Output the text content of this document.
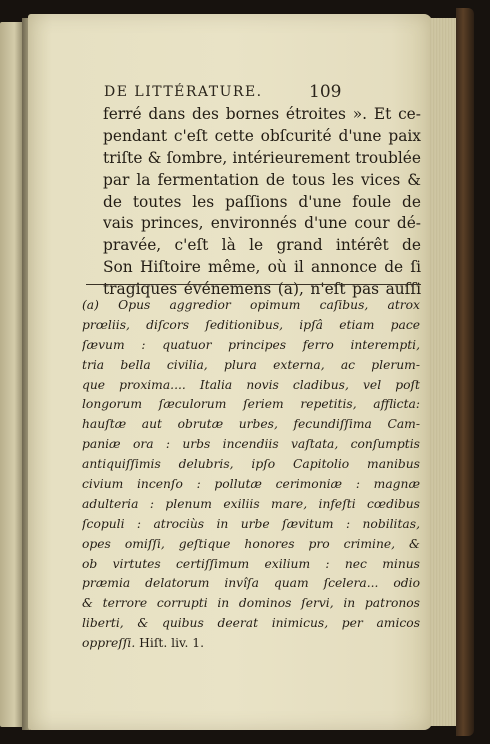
DE LITTÉRATURE.	109
ferré dans des bornes étroites ». Et ce-
pendant c'eſt cette obſcurité d'une paix
triſte & ſombre, intérieurement troublée
par la fermentation de tous les vices &
de toutes les paſſions d'une foule de
vais princes, environnés d'une cour dé-
pravée, c'eſt là le grand intérêt de
Son Hiſtoire même, où il annonce de ſi
tragiques événemens (a), n'eſt pas auſſi
(a) Opus aggredior opimum caſibus, atrox
prœliis, diſcors ſeditionibus, ipſâ etiam pace
ſævum : quatuor principes ferro interempti,
tria bella civilia, plura externa, ac plerum-
que proxima.... Italia novis cladibus, vel poſt
longorum ſæculorum ſeriem repetitis, afflicta:
hauſtæ aut obrutæ urbes, fecundiſſima Cam-
paniæ ora : urbs incendiis vaſtata, conſumptis
antiquiſſimis delubris, ipſo Capitolio manibus
civium incenſo : pollutæ cerimoniæ : magnæ
adulteria : plenum exiliis mare, infeſti cœdibus
ſcopuli : atrociùs in urbe ſævitum : nobilitas,
opes omiſſi, geſtique honores pro crimine, &
ob virtutes certiſſimum exilium : nec minus
præmia delatorum invîſa quam ſcelera... odio
& terrore corrupti in dominos ſervi, in patronos
liberti, & quibus deerat inimicus, per amicos
oppreſſi. Hiſt. liv. 1.
